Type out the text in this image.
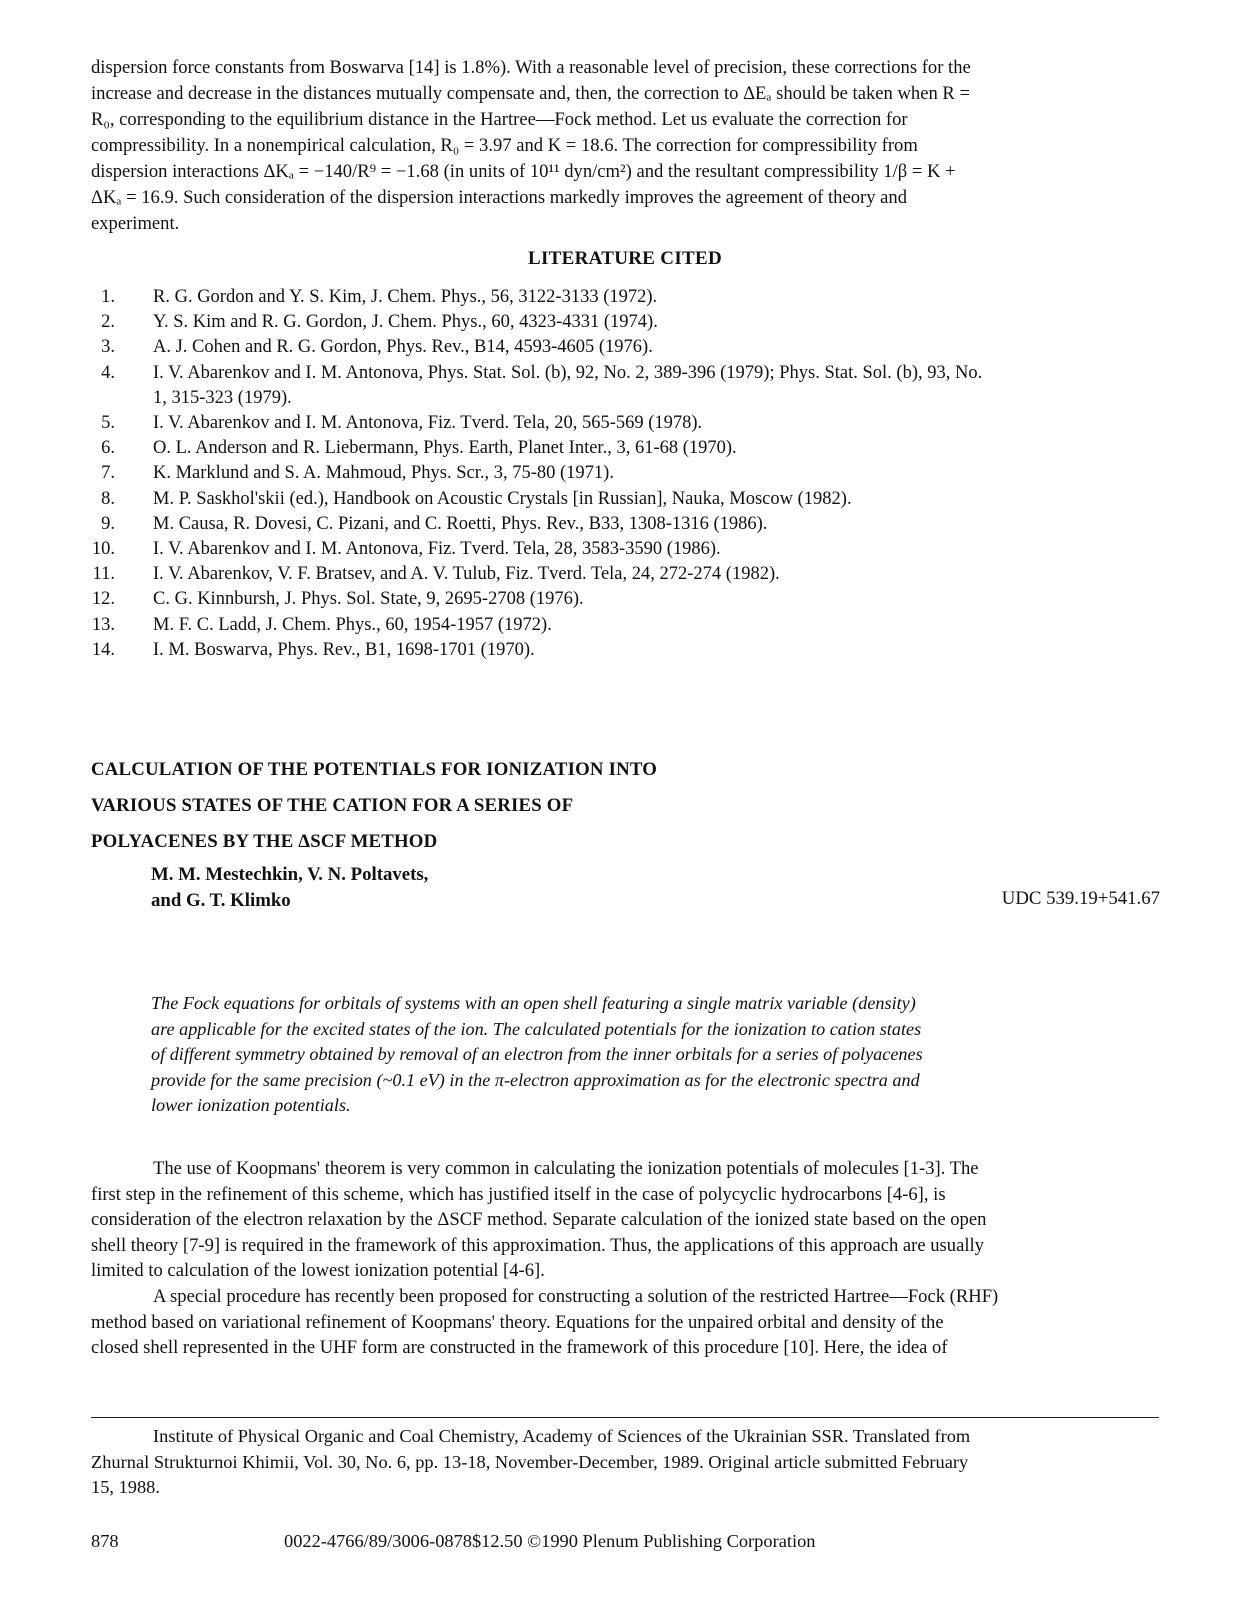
dispersion force constants from Boswarva [14] is 1.8%). With a reasonable level of precision, these corrections for the
increase and decrease in the distances mutually compensate and, then, the correction to ΔEₐ should be taken when R =
R₀, corresponding to the equilibrium distance in the Hartree—Fock method. Let us evaluate the correction for
compressibility. In a nonempirical calculation, R₀ = 3.97 and K = 18.6. The correction for compressibility from
dispersion interactions ΔKₐ = −140/R⁹ = −1.68 (in units of 10¹¹ dyn/cm²) and the resultant compressibility 1/β = K +
ΔKₐ = 16.9. Such consideration of the dispersion interactions markedly improves the agreement of theory and
experiment.
LITERATURE CITED
1. R. G. Gordon and Y. S. Kim, J. Chem. Phys., 56, 3122-3133 (1972).
2. Y. S. Kim and R. G. Gordon, J. Chem. Phys., 60, 4323-4331 (1974).
3. A. J. Cohen and R. G. Gordon, Phys. Rev., B14, 4593-4605 (1976).
4. I. V. Abarenkov and I. M. Antonova, Phys. Stat. Sol. (b), 92, No. 2, 389-396 (1979); Phys. Stat. Sol. (b), 93, No.
1, 315-323 (1979).
5. I. V. Abarenkov and I. M. Antonova, Fiz. Tverd. Tela, 20, 565-569 (1978).
6. O. L. Anderson and R. Liebermann, Phys. Earth, Planet Inter., 3, 61-68 (1970).
7. K. Marklund and S. A. Mahmoud, Phys. Scr., 3, 75-80 (1971).
8. M. P. Saskhol'skii (ed.), Handbook on Acoustic Crystals [in Russian], Nauka, Moscow (1982).
9. M. Causa, R. Dovesi, C. Pizani, and C. Roetti, Phys. Rev., B33, 1308-1316 (1986).
10. I. V. Abarenkov and I. M. Antonova, Fiz. Tverd. Tela, 28, 3583-3590 (1986).
11. I. V. Abarenkov, V. F. Bratsev, and A. V. Tulub, Fiz. Tverd. Tela, 24, 272-274 (1982).
12. C. G. Kinnbursh, J. Phys. Sol. State, 9, 2695-2708 (1976).
13. M. F. C. Ladd, J. Chem. Phys., 60, 1954-1957 (1972).
14. I. M. Boswarva, Phys. Rev., B1, 1698-1701 (1970).
CALCULATION OF THE POTENTIALS FOR IONIZATION INTO
VARIOUS STATES OF THE CATION FOR A SERIES OF
POLYACENES BY THE ΔSCF METHOD
M. M. Mestechkin, V. N. Poltavets,
and G. T. Klimko	UDC 539.19+541.67
The Fock equations for orbitals of systems with an open shell featuring a single matrix variable (density)
are applicable for the excited states of the ion. The calculated potentials for the ionization to cation states
of different symmetry obtained by removal of an electron from the inner orbitals for a series of polyacenes
provide for the same precision (~0.1 eV) in the π-electron approximation as for the electronic spectra and
lower ionization potentials.
The use of Koopmans' theorem is very common in calculating the ionization potentials of molecules [1-3]. The
first step in the refinement of this scheme, which has justified itself in the case of polycyclic hydrocarbons [4-6], is
consideration of the electron relaxation by the ΔSCF method. Separate calculation of the ionized state based on the open
shell theory [7-9] is required in the framework of this approximation. Thus, the applications of this approach are usually
limited to calculation of the lowest ionization potential [4-6].
A special procedure has recently been proposed for constructing a solution of the restricted Hartree—Fock (RHF)
method based on variational refinement of Koopmans' theory. Equations for the unpaired orbital and density of the
closed shell represented in the UHF form are constructed in the framework of this procedure [10]. Here, the idea of
Institute of Physical Organic and Coal Chemistry, Academy of Sciences of the Ukrainian SSR. Translated from
Zhurnal Strukturnoi Khimii, Vol. 30, No. 6, pp. 13-18, November-December, 1989. Original article submitted February
15, 1988.
878	0022-4766/89/3006-0878$12.50 ©1990 Plenum Publishing Corporation
